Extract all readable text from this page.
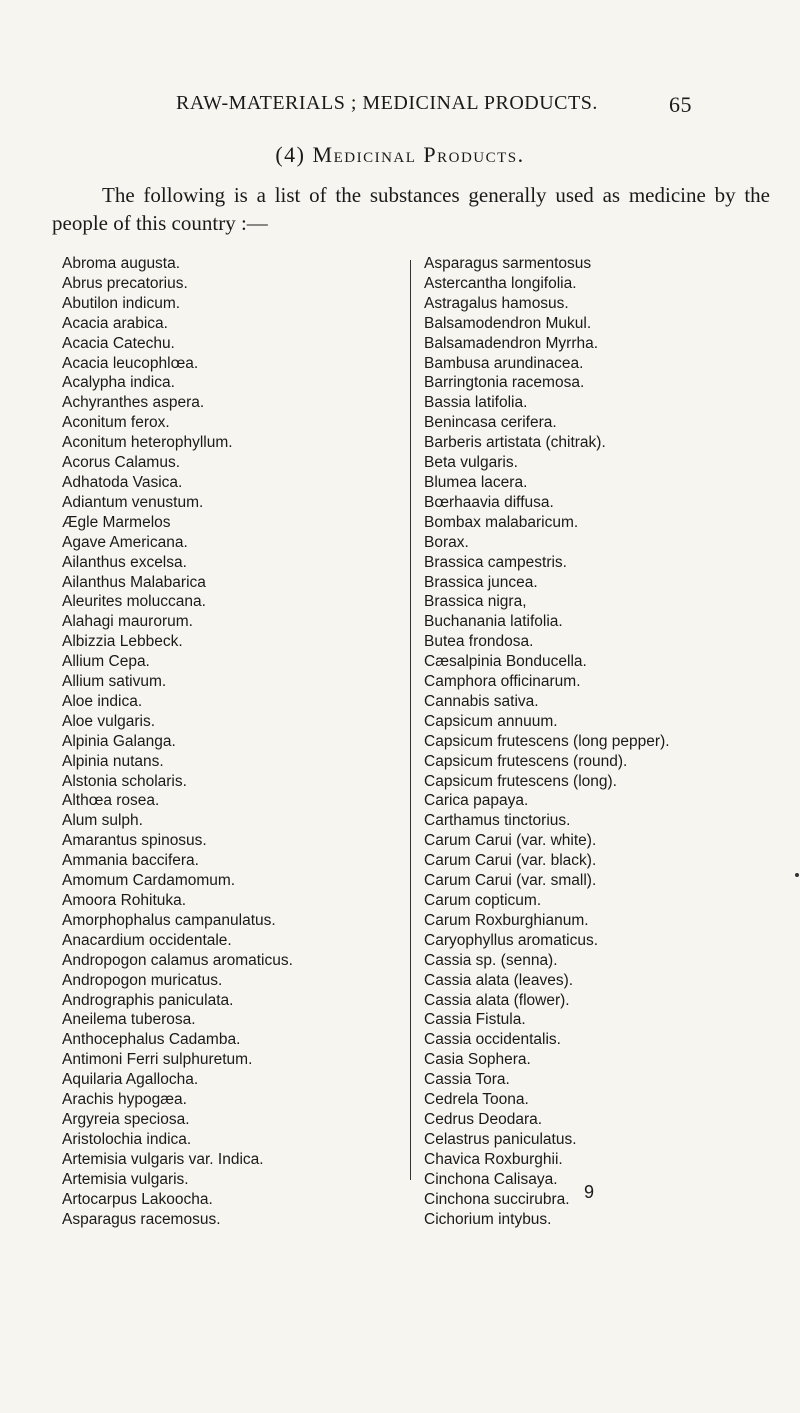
RAW-MATERIALS ; MEDICINAL PRODUCTS.	65
(4) Medicinal Products.

The following is a list of the substances generally used as medicine by the people of this country :—

Abroma augusta.
Abrus precatorius.
Abutilon indicum.
Acacia arabica.
Acacia Catechu.
Acacia leucophlœa.
Acalypha indica.
Achyranthes aspera.
Aconitum ferox.
Aconitum heterophyllum.
Acorus Calamus.
Adhatoda Vasica.
Adiantum venustum.
Ægle Marmelos
Agave Americana.
Ailanthus excelsa.
Ailanthus Malabarica
Aleurites moluccana.
Alahagi maurorum.
Albizzia Lebbeck.
Allium Cepa.
Allium sativum.
Aloe indica.
Aloe vulgaris.
Alpinia Galanga.
Alpinia nutans.
Alstonia scholaris.
Althœa rosea.
Alum sulph.
Amarantus spinosus.
Ammania baccifera.
Amomum Cardamomum.
Amoora Rohituka.
Amorphophalus campanulatus.
Anacardium occidentale.
Andropogon calamus aromaticus.
Andropogon muricatus.
Andrographis paniculata.
Aneilema tuberosa.
Anthocephalus Cadamba.
Antimoni Ferri sulphuretum.
Aquilaria Agallocha.
Arachis hypogæa.
Argyreia speciosa.
Aristolochia indica.
Artemisia vulgaris var. Indica.
Artemisia vulgaris.
Artocarpus Lakoocha.
Asparagus racemosus.
Asparagus sarmentosus
Astercantha longifolia.
Astragalus hamosus.
Balsamodendron Mukul.
Balsamadendron Myrrha.
Bambusa arundinacea.
Barringtonia racemosa.
Bassia latifolia.
Benincasa cerifera.
Barberis artistata (chitrak).
Beta vulgaris.
Blumea lacera.
Bœrhaavia diffusa.
Bombax malabaricum.
Borax.
Brassica campestris.
Brassica juncea.
Brassica nigra,
Buchanania latifolia.
Butea frondosa.
Cæsalpinia Bonducella.
Camphora officinarum.
Cannabis sativa.
Capsicum annuum.
Capsicum frutescens (long pepper).
Capsicum frutescens (round).
Capsicum frutescens (long).
Carica papaya.
Carthamus tinctorius.
Carum Carui (var. white).
Carum Carui (var. black).
Carum Carui (var. small).
Carum copticum.
Carum Roxburghianum.
Caryophyllus aromaticus.
Cassia sp. (senna).
Cassia alata (leaves).
Cassia alata (flower).
Cassia Fistula.
Cassia occidentalis.
Casia Sophera.
Cassia Tora.
Cedrela Toona.
Cedrus Deodara.
Celastrus paniculatus.
Chavica Roxburghii.
Cinchona Calisaya.
Cinchona succirubra.
Cichorium intybus.
9
